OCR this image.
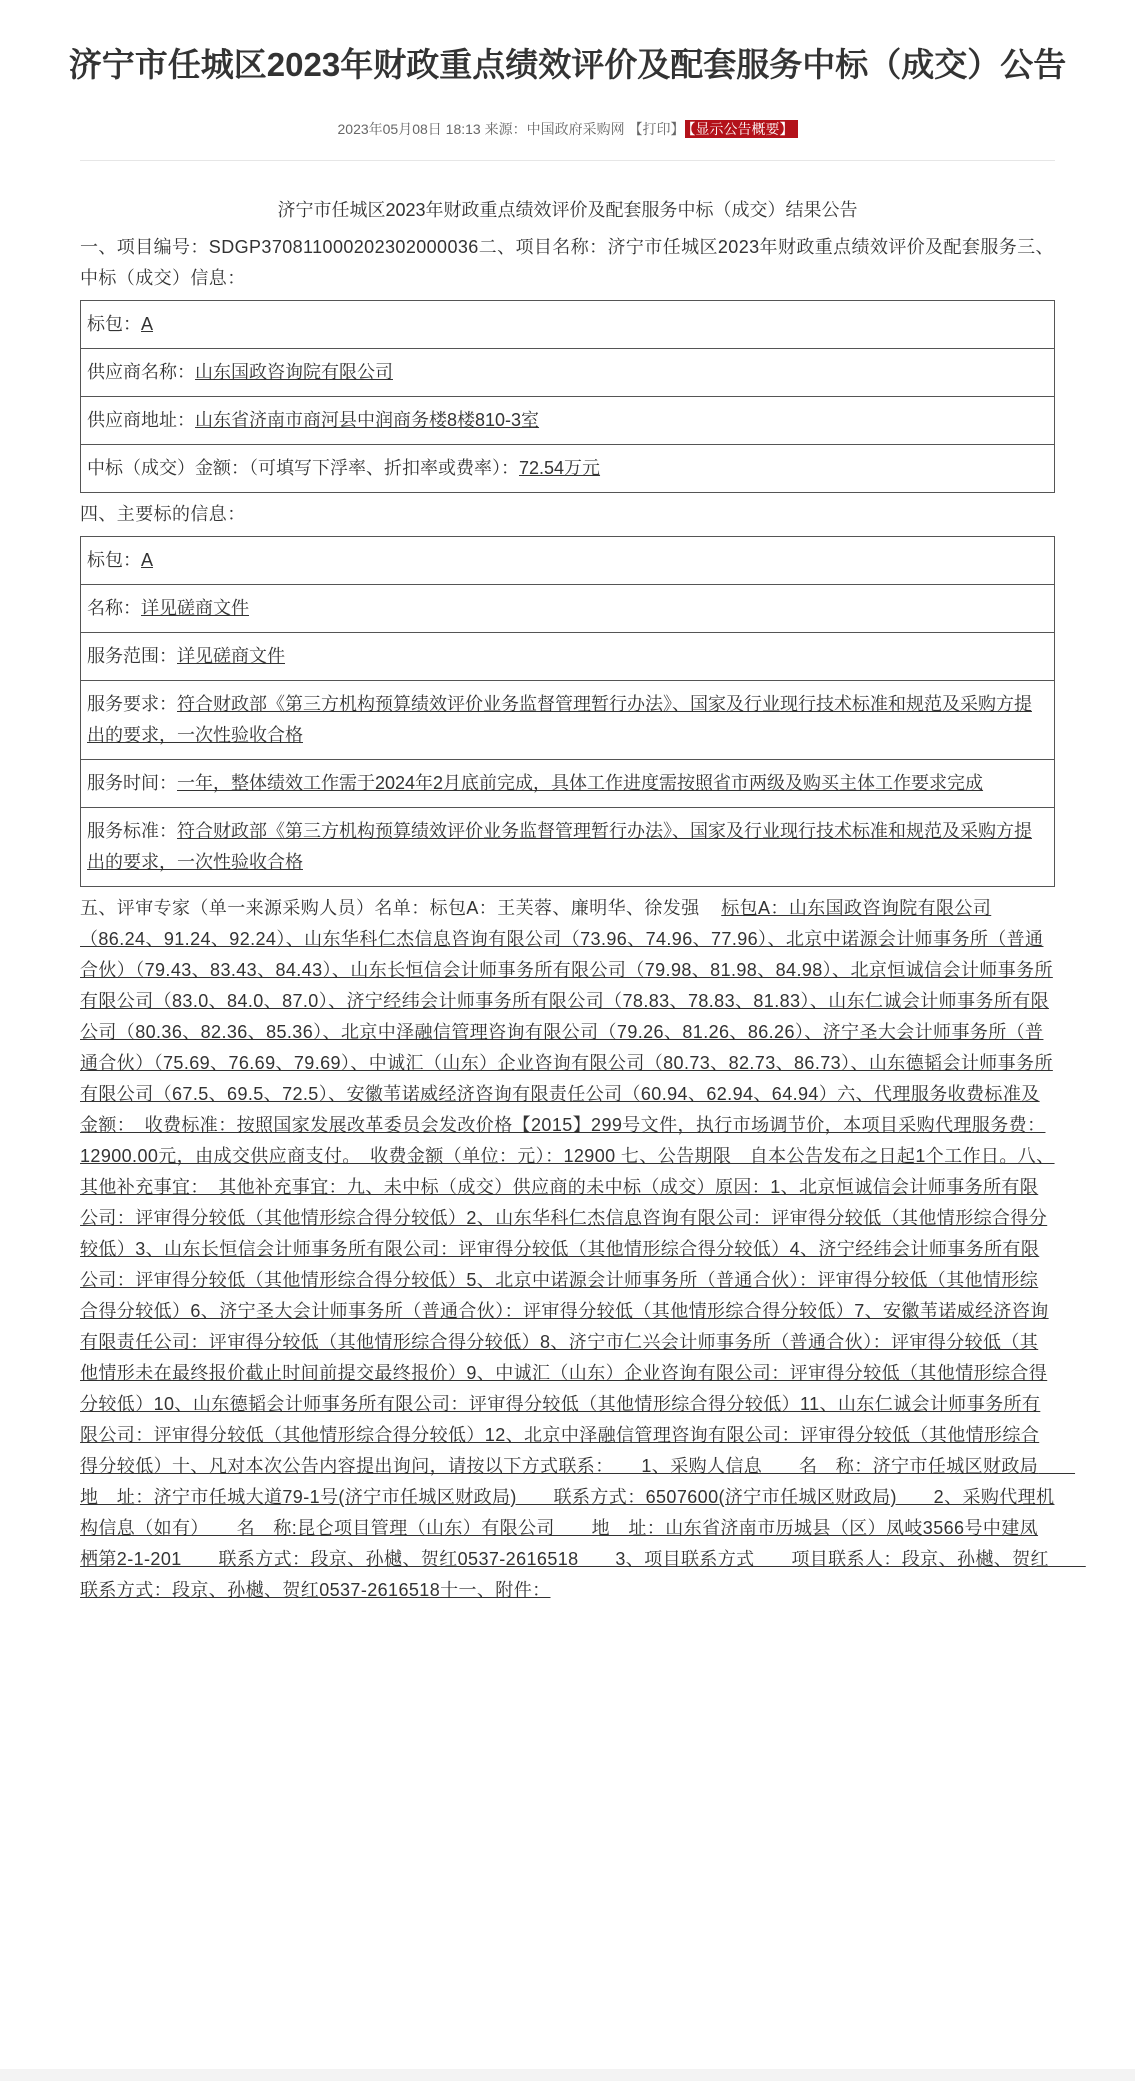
济宁市任城区2023年财政重点绩效评价及配套服务中标（成交）公告
2023年05月08日 18:13 来源：中国政府采购网 【打印】 【显示公告概要】
济宁市任城区2023年财政重点绩效评价及配套服务中标（成交）结果公告

一、项目编号：SDGP370811000202302000036二、项目名称：济宁市任城区2023年财政重点绩效评价及配套服务三、中标（成交）信息：

标包：A
供应商名称：山东国政咨询院有限公司
供应商地址：山东省济南市商河县中润商务楼8楼810-3室
中标（成交）金额：（可填写下浮率、折扣率或费率）：72.54万元

四、主要标的信息：

标包：A
名称：详见磋商文件
服务范围：详见磋商文件
服务要求：符合财政部《第三方机构预算绩效评价业务监督管理暂行办法》、国家及行业现行技术标准和规范及采购方提出的要求，一次性验收合格
服务时间：一年，整体绩效工作需于2024年2月底前完成，具体工作进度需按照省市两级及购买主体工作要求完成
服务标准：符合财政部《第三方机构预算绩效评价业务监督管理暂行办法》、国家及行业现行技术标准和规范及采购方提出的要求，一次性验收合格

五、评审专家（单一来源采购人员）名单：标包A：王芙蓉、廉明华、徐发强 标包A：山东国政咨询院有限公司（86.24、91.24、92.24）、山东华科仁杰信息咨询有限公司（73.96、74.96、77.96）、北京中诺源会计师事务所（普通合伙）（79.43、83.43、84.43）、山东长恒信会计师事务所有限公司（79.98、81.98、84.98）、北京恒诚信会计师事务所有限公司（83.0、84.0、87.0）、济宁经纬会计师事务所有限公司（78.83、78.83、81.83）、山东仁诚会计师事务所有限公司（80.36、82.36、85.36）、北京中泽融信管理咨询有限公司（79.26、81.26、86.26）、济宁圣大会计师事务所（普通合伙）（75.69、76.69、79.69）、中诚汇（山东）企业咨询有限公司（80.73、82.73、86.73）、山东德韬会计师事务所有限公司（67.5、69.5、72.5）、安徽苇诺威经济咨询有限责任公司（60.94、62.94、64.94）六、代理服务收费标准及金额：　收费标准：按照国家发展改革委员会发改价格【2015】299号文件，执行市场调节价，本项目采购代理服务费：12900.00元，由成交供应商支付。　收费金额（单位：元）：12900 七、公告期限　自本公告发布之日起1个工作日。八、其他补充事宜：　其他补充事宜：九、未中标（成交）供应商的未中标（成交）原因：1、北京恒诚信会计师事务所有限公司：评审得分较低（其他情形综合得分较低）2、山东华科仁杰信息咨询有限公司：评审得分较低（其他情形综合得分较低）3、山东长恒信会计师事务所有限公司：评审得分较低（其他情形综合得分较低）4、济宁经纬会计师事务所有限公司：评审得分较低（其他情形综合得分较低）5、北京中诺源会计师事务所（普通合伙）：评审得分较低（其他情形综合得分较低）6、济宁圣大会计师事务所（普通合伙）：评审得分较低（其他情形综合得分较低）7、安徽苇诺威经济咨询有限责任公司：评审得分较低（其他情形综合得分较低）8、济宁市仁兴会计师事务所（普通合伙）：评审得分较低（其他情形未在最终报价截止时间前提交最终报价）9、中诚汇（山东）企业咨询有限公司：评审得分较低（其他情形综合得分较低）10、山东德韬会计师事务所有限公司：评审得分较低（其他情形综合得分较低）11、山东仁诚会计师事务所有限公司：评审得分较低（其他情形综合得分较低）12、北京中泽融信管理咨询有限公司：评审得分较低（其他情形综合得分较低）十、凡对本次公告内容提出询问，请按以下方式联系：　　1、采购人信息　　名　称：济宁市任城区财政局　　地　址：济宁市任城大道79-1号(济宁市任城区财政局)　　联系方式：6507600(济宁市任城区财政局)　　2、采购代理机构信息（如有）　　名　称:昆仑项目管理（山东）有限公司　　地　址：山东省济南市历城县（区）凤岐3566号中建凤栖第2-1-201　　联系方式：段京、孙樾、贺红0537-2616518　　3、项目联系方式　　项目联系人：段京、孙樾、贺红　　联系方式：段京、孙樾、贺红0537-2616518十一、附件：
